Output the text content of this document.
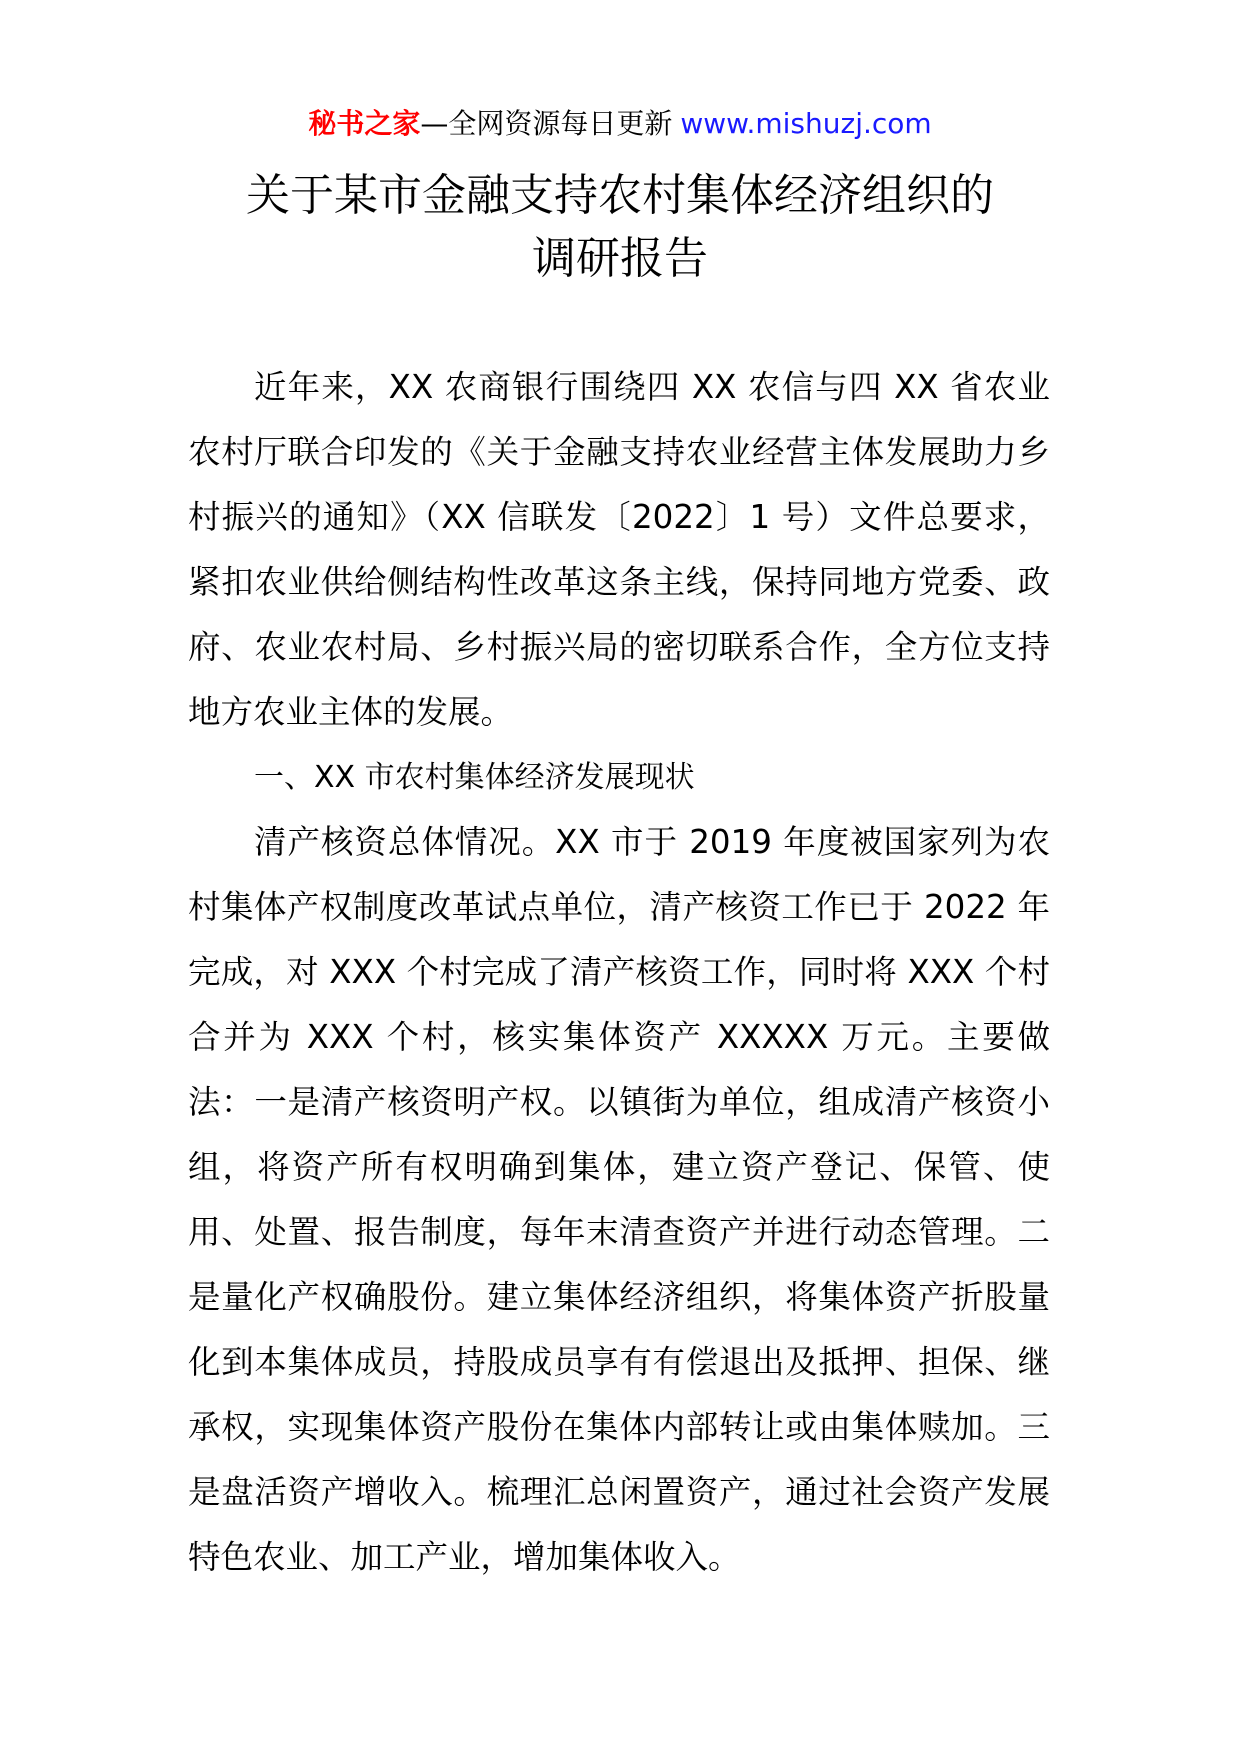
秘书之家—全网资源每日更新 www.mishuzj.com
关于某市金融支持农村集体经济组织的
调研报告

近年来，XX 农商银行围绕四 XX 农信与四 XX 省农业农村厅联合印发的《关于金融支持农业经营主体发展助力乡村振兴的通知》（XX 信联发〔2022〕1 号）文件总要求，紧扣农业供给侧结构性改革这条主线，保持同地方党委、政府、农业农村局、乡村振兴局的密切联系合作，全方位支持地方农业主体的发展。

一、XX 市农村集体经济发展现状

清产核资总体情况。XX 市于 2019 年度被国家列为农村集体产权制度改革试点单位，清产核资工作已于 2022 年完成，对 XXX 个村完成了清产核资工作，同时将 XXX 个村合并为 XXX 个村，核实集体资产 XXXXX 万元。主要做法：一是清产核资明产权。以镇街为单位，组成清产核资小组，将资产所有权明确到集体，建立资产登记、保管、使用、处置、报告制度，每年末清查资产并进行动态管理。二是量化产权确股份。建立集体经济组织，将集体资产折股量化到本集体成员，持股成员享有有偿退出及抵押、担保、继承权，实现集体资产股份在集体内部转让或由集体赎加。三是盘活资产增收入。梳理汇总闲置资产，通过社会资产发展特色农业、加工产业，增加集体收入。
